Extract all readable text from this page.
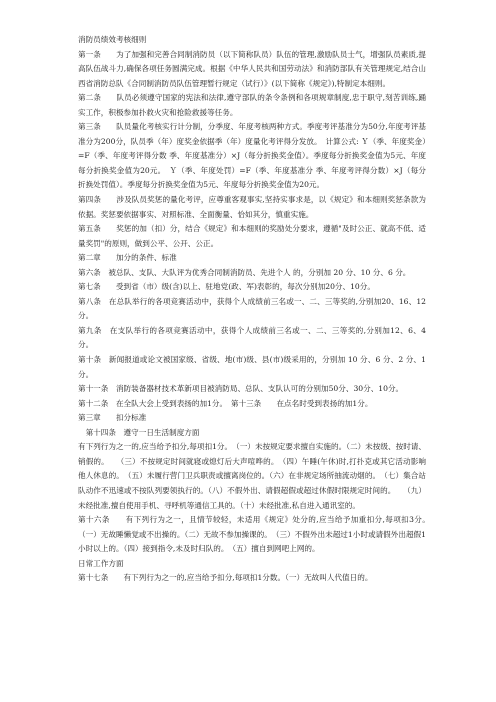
消防员绩效考核细则

第一条　　为了加强和完善合同制消防员（以下简称队员）队伍的管理,激励队员士气，增强队员素质,提高队伍战斗力,确保各项任务圆满完成。根据《中华人民共和国劳动法》和消防部队有关管理规定,结合山西省消防总队《合同制消防员队伍管理暂行规定（试行）》(以下简称《规定》),特制定本细则。

第二条　　队员必须遵守国家的宪法和法律,遵守部队的条令条例和各项规章制度,忠于职守,刻苦训练,踊实工作，积极参加扑救火灾和抢险救援等任务。

第三条　　队员量化考核实行计分制，分季度、年度考核两种方式。季度考评基准分为50分,年度考评基准分为200分，队员季（年）度奖金依据季（年）度量化考评得分发放。　计算公式: Ｙ（季、年度奖金）=F（季、年度考评得分数 季、年度基准分）×J（每分折换奖金值）。季度每分折换奖金值为5元、年度每分折换奖金值为20元。　Ｙ（季、年度处罚）=F（季、年度基准分 季、年度考评得分数）×J（每分折换处罚值）。季度每分折换奖金值为5元、年度每分折换奖金值为20元。

第四条　　涉及队员奖惩的量化考评，应尊重客观事实,坚持实事求是，以《规定》和本细则奖惩条款为依据。奖惩要依据事实、对照标准、全面衡量、恰如其分，慎重实施。

第五条　　奖惩的加（扣）分，结合《规定》和本细则的奖励处分要求，遵循"及时公正、就高不低、适量奖罚"的原则，做到公平、公开、公正。

第二章　　加分的条件、标准

第六条　被总队、支队、大队评为优秀合同制消防员、先进个人 的，分别加 20 分、10 分、6 分。

第七条　　受到省（市）级(含)以上、驻地党(政、军)表彰的，每次分别加20分、10分。

第八条　在总队举行的各项竞赛活动中，获得个人成绩前三名或一、二、三等奖的,分别加20、16、12分。

第九条　在支队举行的各项竞赛活动中，获得个人成绩前三名或一、二、三等奖的,分别加12、6、4分。

第十条　新闻报道或论文被国家级、省级、地(市)级、县(市)级采用的，分别加 10 分、6 分、2 分、1 分。

第十一条　消防装备器材技术革新项目被消防局、总队、支队认可的分别加50分、30分、10分。

第十二条　在全队大会上受到表扬的加1分。　第十三条　　在点名时受到表扬的加1分。

第三章　　扣分标准

　第十四条　遵守一日生活制度方面

有下列行为之一的,应当给予扣分,每项扣1分。　（一）未按规定要求擅自实施的。（二）未按级、按时请、销假的。　　（三）不按规定时间就寝或熄灯后大声喧哗的。　（四）午睡(午休)时,打扑克或其它活动影响他人休息的。　（五）未履行营门卫兵职责或擅离岗位的。（六）在非规定场所抽流动烟的。　（七）集合站队动作不迅速或不按队列要领执行的。（八）不假外出、请假超假或超过休假时限规定时间的。　　（九）未经批准,擅自使用手机、寻呼机等通信工具的。（十）未经批准,私自进入通讯室的。

第十六条　　有下列行为之一，且情节较轻，未适用《规定》处分的,应当给予加重扣分,每项扣3分。　（一）无故睡懒觉或不出操的。（二）无故不参加操课的。　（三）不假外出未超过1小时或请假外出超假1小时以上的。（四）接到指令,未及时归队的。　（五）擅自到网吧上网的。

日常工作方面

第十七条　　有下列行为之一的,应当给予扣分,每项扣1分数。（一）无故叫人代值日的。
